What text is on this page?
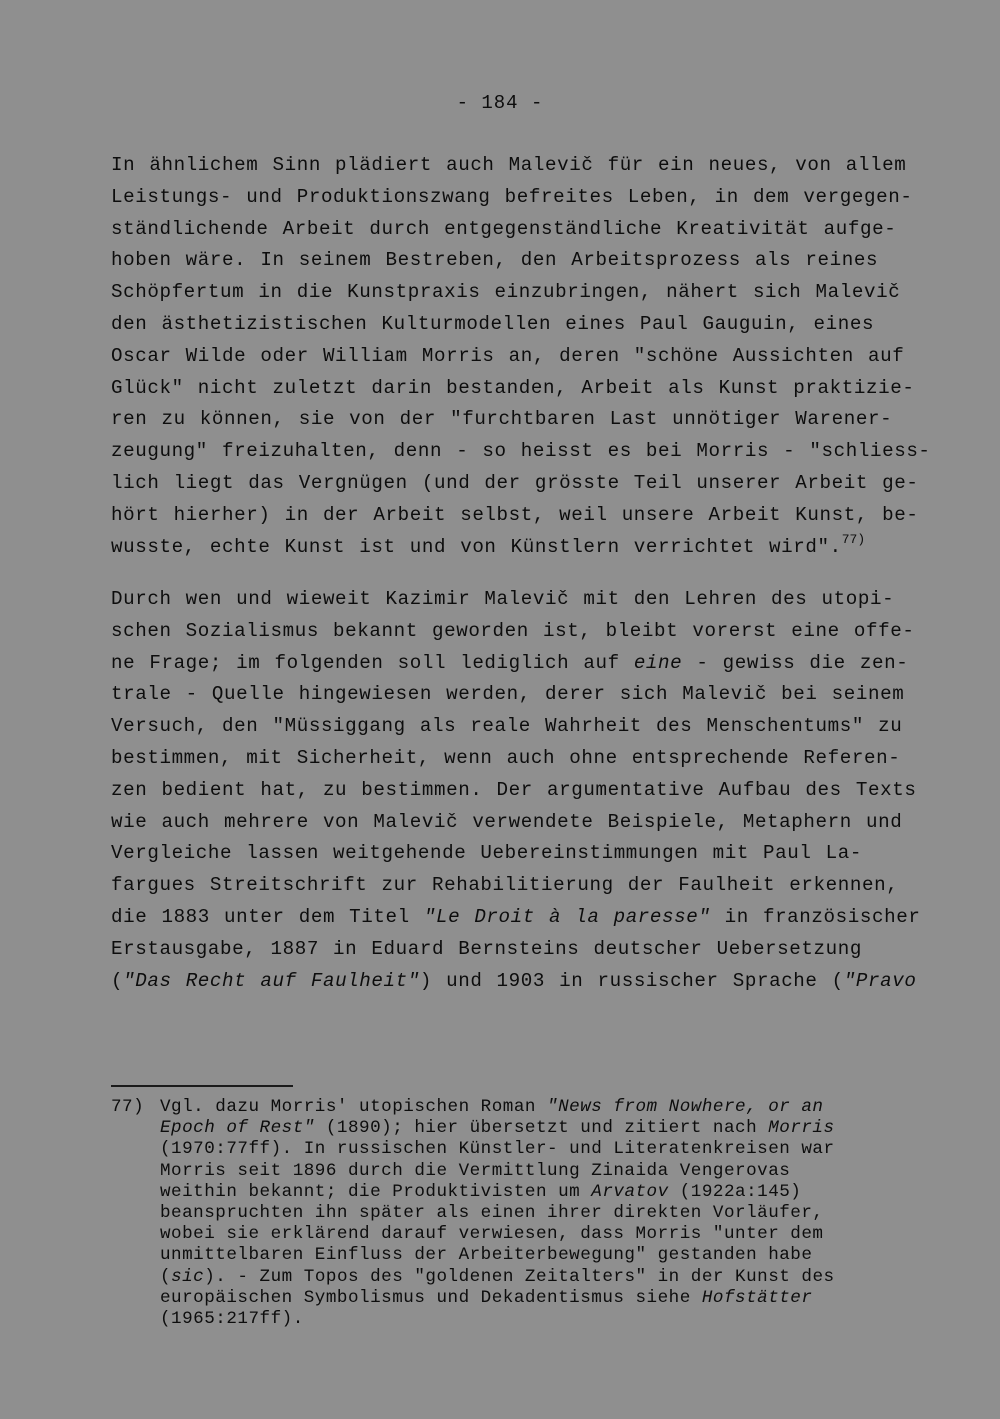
- 184 -
In ähnlichem Sinn plädiert auch Malevič für ein neues, von allem
Leistungs- und Produktionszwang befreites Leben, in dem vergegen-
ständlichende Arbeit durch entgegenständliche Kreativität aufge-
hoben wäre. In seinem Bestreben, den Arbeitsprozess als reines
Schöpfertum in die Kunstpraxis einzubringen, nähert sich Malevič
den ästhetizistischen Kulturmodellen eines Paul Gauguin, eines
Oscar Wilde oder William Morris an, deren "schöne Aussichten auf
Glück" nicht zuletzt darin bestanden, Arbeit als Kunst praktizie-
ren zu können, sie von der "furchtbaren Last unnötiger Warener-
zeugung" freizuhalten, denn - so heisst es bei Morris - "schliess-
lich liegt das Vergnügen (und der grösste Teil unserer Arbeit ge-
hört hierher) in der Arbeit selbst, weil unsere Arbeit Kunst, be-
wusste, echte Kunst ist und von Künstlern verrichtet wird".$^{77)}$
Durch wen und wieweit Kazimir Malevič mit den Lehren des utopi-
schen Sozialismus bekannt geworden ist, bleibt vorerst eine offe-
ne Frage; im folgenden soll lediglich auf eine - gewiss die zen-
trale - Quelle hingewiesen werden, derer sich Malevič bei seinem
Versuch, den "Müssiggang als reale Wahrheit des Menschentums" zu
bestimmen, mit Sicherheit, wenn auch ohne entsprechende Referen-
zen bedient hat, zu bestimmen. Der argumentative Aufbau des Texts
wie auch mehrere von Malevič verwendete Beispiele, Metaphern und
Vergleiche lassen weitgehende Uebereinstimmungen mit Paul La-
fargues Streitschrift zur Rehabilitierung der Faulheit erkennen,
die 1883 unter dem Titel "Le Droit à la paresse" in französischer
Erstausgabe, 1887 in Eduard Bernsteins deutscher Uebersetzung
("Das Recht auf Faulheit") und 1903 in russischer Sprache ("Pravo
77) Vgl. dazu Morris' utopischen Roman "News from Nowhere, or an
Epoch of Rest" (1890); hier übersetzt und zitiert nach Morris
(1970:77ff). In russischen Künstler- und Literatenkreisen war
Morris seit 1896 durch die Vermittlung Zinaida Vengerovas
weithin bekannt; die Produktivisten um Arvatov (1922a:145)
beanspruchten ihn später als einen ihrer direkten Vorläufer,
wobei sie erklärend darauf verwiesen, dass Morris "unter dem
unmittelbaren Einfluss der Arbeiterbewegung" gestanden habe
(sic). - Zum Topos des "goldenen Zeitalters" in der Kunst des
europäischen Symbolismus und Dekadentismus siehe Hofstätter
(1965:217ff).
